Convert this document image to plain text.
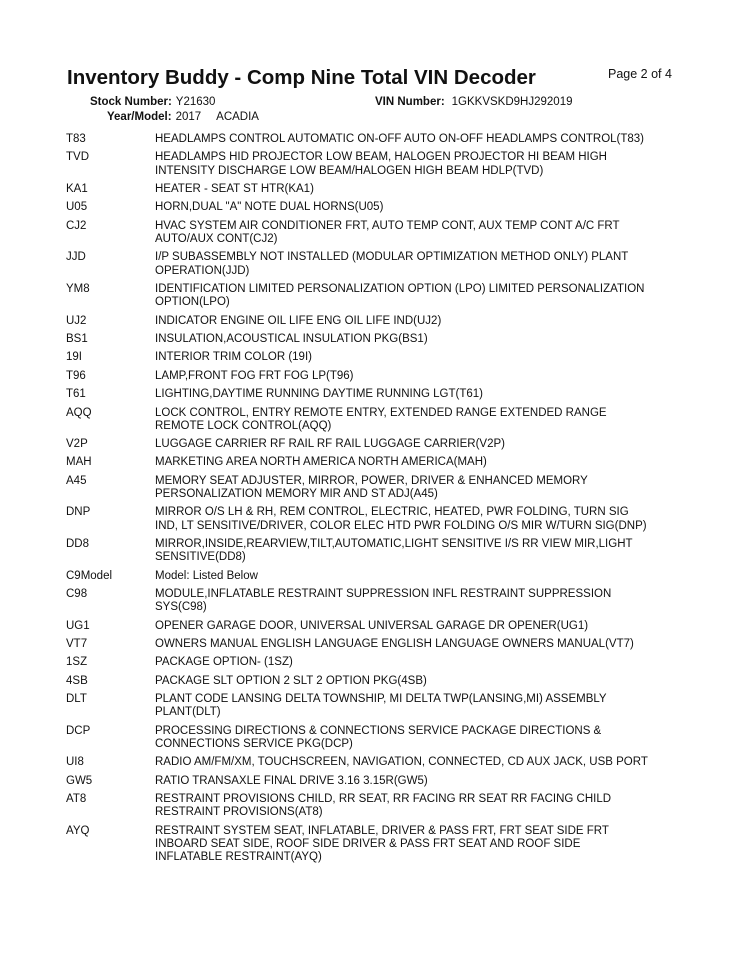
Inventory Buddy - Comp Nine Total VIN Decoder	Page 2 of 4
Stock Number: Y21630	VIN Number: 1GKKVSKD9HJ292019
Year/Model: 2017 ACADIA
T83	HEADLAMPS CONTROL AUTOMATIC ON-OFF AUTO ON-OFF HEADLAMPS CONTROL(T83)
TVD	HEADLAMPS HID PROJECTOR LOW BEAM, HALOGEN PROJECTOR HI BEAM HIGH
INTENSITY DISCHARGE LOW BEAM/HALOGEN HIGH BEAM HDLP(TVD)
KA1	HEATER - SEAT ST HTR(KA1)
U05	HORN,DUAL "A" NOTE DUAL HORNS(U05)
CJ2	HVAC SYSTEM AIR CONDITIONER FRT, AUTO TEMP CONT, AUX TEMP CONT A/C FRT
AUTO/AUX CONT(CJ2)
JJD	I/P SUBASSEMBLY NOT INSTALLED (MODULAR OPTIMIZATION METHOD ONLY) PLANT
OPERATION(JJD)
YM8	IDENTIFICATION LIMITED PERSONALIZATION OPTION (LPO) LIMITED PERSONALIZATION
OPTION(LPO)
UJ2	INDICATOR ENGINE OIL LIFE ENG OIL LIFE IND(UJ2)
BS1	INSULATION,ACOUSTICAL INSULATION PKG(BS1)
19I	INTERIOR TRIM COLOR (19I)
T96	LAMP,FRONT FOG FRT FOG LP(T96)
T61	LIGHTING,DAYTIME RUNNING DAYTIME RUNNING LGT(T61)
AQQ	LOCK CONTROL, ENTRY REMOTE ENTRY, EXTENDED RANGE EXTENDED RANGE
REMOTE LOCK CONTROL(AQQ)
V2P	LUGGAGE CARRIER RF RAIL RF RAIL LUGGAGE CARRIER(V2P)
MAH	MARKETING AREA NORTH AMERICA NORTH AMERICA(MAH)
A45	MEMORY SEAT ADJUSTER, MIRROR, POWER, DRIVER & ENHANCED MEMORY
PERSONALIZATION MEMORY MIR AND ST ADJ(A45)
DNP	MIRROR O/S LH & RH, REM CONTROL, ELECTRIC, HEATED, PWR FOLDING, TURN SIG
IND, LT SENSITIVE/DRIVER, COLOR ELEC HTD PWR FOLDING O/S MIR W/TURN SIG(DNP)
DD8	MIRROR,INSIDE,REARVIEW,TILT,AUTOMATIC,LIGHT SENSITIVE I/S RR VIEW MIR,LIGHT
SENSITIVE(DD8)
C9Model	Model: Listed Below
C98	MODULE,INFLATABLE RESTRAINT SUPPRESSION INFL RESTRAINT SUPPRESSION
SYS(C98)
UG1	OPENER GARAGE DOOR, UNIVERSAL UNIVERSAL GARAGE DR OPENER(UG1)
VT7	OWNERS MANUAL ENGLISH LANGUAGE ENGLISH LANGUAGE OWNERS MANUAL(VT7)
1SZ	PACKAGE OPTION- (1SZ)
4SB	PACKAGE SLT OPTION 2 SLT 2 OPTION PKG(4SB)
DLT	PLANT CODE LANSING DELTA TOWNSHIP, MI DELTA TWP(LANSING,MI) ASSEMBLY
PLANT(DLT)
DCP	PROCESSING DIRECTIONS & CONNECTIONS SERVICE PACKAGE DIRECTIONS &
CONNECTIONS SERVICE PKG(DCP)
UI8	RADIO AM/FM/XM, TOUCHSCREEN, NAVIGATION, CONNECTED, CD AUX JACK, USB PORT
GW5	RATIO TRANSAXLE FINAL DRIVE 3.16 3.15R(GW5)
AT8	RESTRAINT PROVISIONS CHILD, RR SEAT, RR FACING RR SEAT RR FACING CHILD
RESTRAINT PROVISIONS(AT8)
AYQ	RESTRAINT SYSTEM SEAT, INFLATABLE, DRIVER & PASS FRT, FRT SEAT SIDE FRT
INBOARD SEAT SIDE, ROOF SIDE DRIVER & PASS FRT SEAT AND ROOF SIDE
INFLATABLE RESTRAINT(AYQ)
